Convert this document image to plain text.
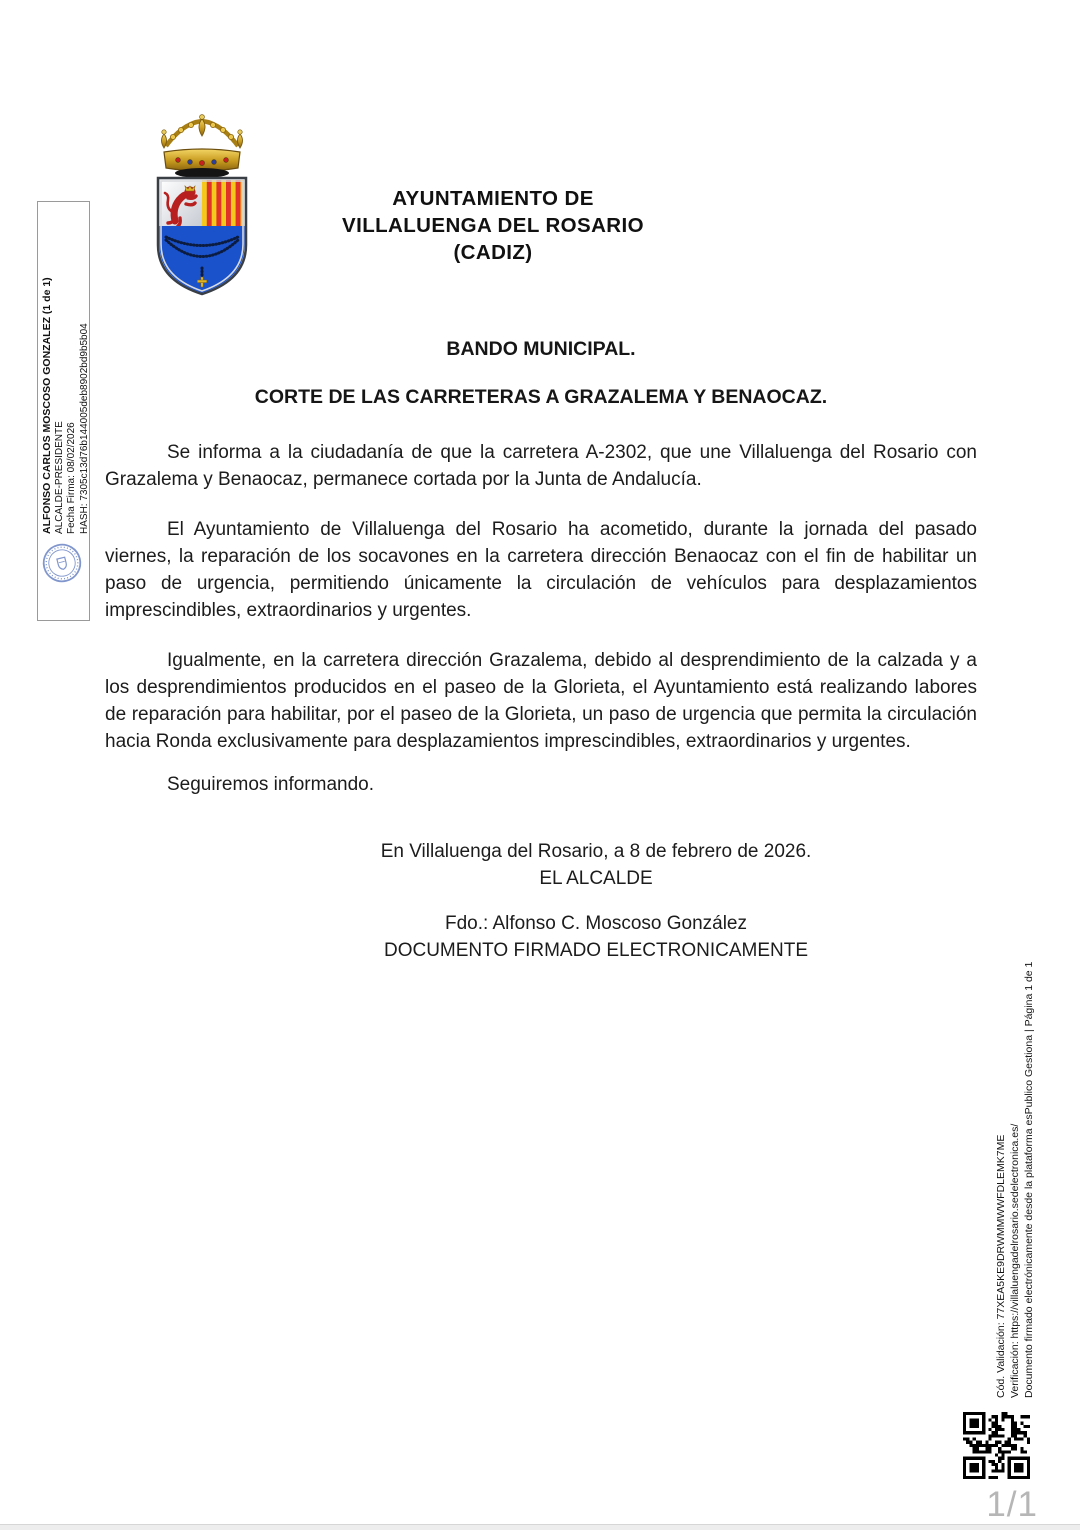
ALFONSO CARLOS MOSCOSO GONZALEZ (1 de 1) ALCALDE-PRESIDENTE Fecha Firma: 08/02/2026 HASH: 7305c13d76b144005deb8902bd9b5b04
AYUNTAMIENTO DE
VILLALUENGA DEL ROSARIO
(CADIZ)
BANDO MUNICIPAL.
CORTE DE LAS CARRETERAS A GRAZALEMA Y BENAOCAZ.

Se informa a la ciudadanía de que la carretera A-2302, que une Villaluenga del Rosario con Grazalema y Benaocaz, permanece cortada por la Junta de Andalucía.

El Ayuntamiento de Villaluenga del Rosario ha acometido, durante la jornada del pasado viernes, la reparación de los socavones en la carretera dirección Benaocaz con el fin de habilitar un paso de urgencia, permitiendo únicamente la circulación de vehículos para desplazamientos imprescindibles, extraordinarios y urgentes.

Igualmente, en la carretera dirección Grazalema, debido al desprendimiento de la calzada y a los desprendimientos producidos en el paseo de la Glorieta, el Ayuntamiento está realizando labores de reparación para habilitar, por el paseo de la Glorieta, un paso de urgencia que permita la circulación hacia Ronda exclusivamente para desplazamientos imprescindibles, extraordinarios y urgentes.

Seguiremos informando.

En Villaluenga del Rosario, a 8 de febrero de 2026.
EL ALCALDE
Fdo.: Alfonso C. Moscoso González
DOCUMENTO FIRMADO ELECTRONICAMENTE
Cód. Validación: 77XEA5KE9DRWMMWWFDLEMK7ME Verificación: https://villaluengadelrosario.sedelectronica.es/ Documento firmado electrónicamente desde la plataforma esPublico Gestiona | Página 1 de 1
1/1
